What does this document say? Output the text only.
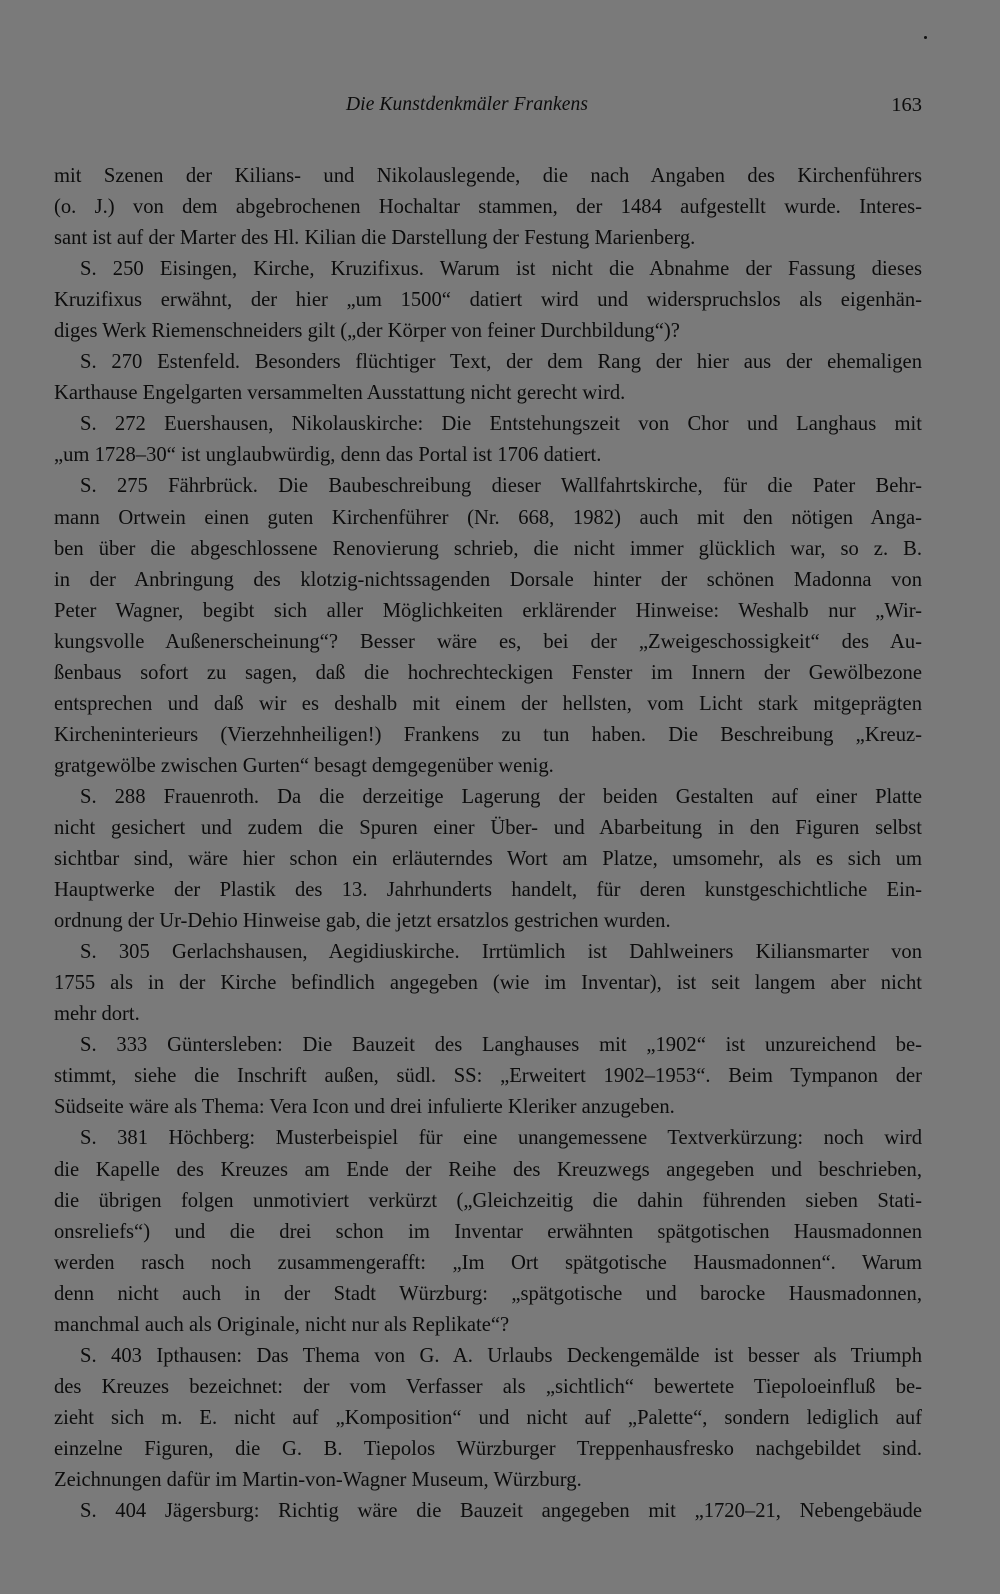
Die Kunstdenkmäler Frankens	163
mit Szenen der Kilians- und Nikolauslegende, die nach Angaben des Kirchenführers
(o. J.) von dem abgebrochenen Hochaltar stammen, der 1484 aufgestellt wurde. Interes-
sant ist auf der Marter des Hl. Kilian die Darstellung der Festung Marienberg.
S. 250 Eisingen, Kirche, Kruzifixus. Warum ist nicht die Abnahme der Fassung dieses
Kruzifixus erwähnt, der hier „um 1500“ datiert wird und widerspruchslos als eigenhän-
diges Werk Riemenschneiders gilt („der Körper von feiner Durchbildung“)?
S. 270 Estenfeld. Besonders flüchtiger Text, der dem Rang der hier aus der ehemaligen
Karthause Engelgarten versammelten Ausstattung nicht gerecht wird.
S. 272 Euershausen, Nikolauskirche: Die Entstehungszeit von Chor und Langhaus mit
„um 1728–30“ ist unglaubwürdig, denn das Portal ist 1706 datiert.
S. 275 Fährbrück. Die Baubeschreibung dieser Wallfahrtskirche, für die Pater Behr-
mann Ortwein einen guten Kirchenführer (Nr. 668, 1982) auch mit den nötigen Anga-
ben über die abgeschlossene Renovierung schrieb, die nicht immer glücklich war, so z. B.
in der Anbringung des klotzig-nichtssagenden Dorsale hinter der schönen Madonna von
Peter Wagner, begibt sich aller Möglichkeiten erklärender Hinweise: Weshalb nur „Wir-
kungsvolle Außenerscheinung“? Besser wäre es, bei der „Zweigeschossigkeit“ des Au-
ßenbaus sofort zu sagen, daß die hochrechteckigen Fenster im Innern der Gewölbezone
entsprechen und daß wir es deshalb mit einem der hellsten, vom Licht stark mitgeprägten
Kircheninterieurs (Vierzehnheiligen!) Frankens zu tun haben. Die Beschreibung „Kreuz-
gratgewölbe zwischen Gurten“ besagt demgegenüber wenig.
S. 288 Frauenroth. Da die derzeitige Lagerung der beiden Gestalten auf einer Platte
nicht gesichert und zudem die Spuren einer Über- und Abarbeitung in den Figuren selbst
sichtbar sind, wäre hier schon ein erläuterndes Wort am Platze, umsomehr, als es sich um
Hauptwerke der Plastik des 13. Jahrhunderts handelt, für deren kunstgeschichtliche Ein-
ordnung der Ur-Dehio Hinweise gab, die jetzt ersatzlos gestrichen wurden.
S. 305 Gerlachshausen, Aegidiuskirche. Irrtümlich ist Dahlweiners Kiliansmarter von
1755 als in der Kirche befindlich angegeben (wie im Inventar), ist seit langem aber nicht
mehr dort.
S. 333 Güntersleben: Die Bauzeit des Langhauses mit „1902“ ist unzureichend be-
stimmt, siehe die Inschrift außen, südl. SS: „Erweitert 1902–1953“. Beim Tympanon der
Südseite wäre als Thema: Vera Icon und drei infulierte Kleriker anzugeben.
S. 381 Höchberg: Musterbeispiel für eine unangemessene Textverkürzung: noch wird
die Kapelle des Kreuzes am Ende der Reihe des Kreuzwegs angegeben und beschrieben,
die übrigen folgen unmotiviert verkürzt („Gleichzeitig die dahin führenden sieben Stati-
onsreliefs“) und die drei schon im Inventar erwähnten spätgotischen Hausmadonnen
werden rasch noch zusammengerafft: „Im Ort spätgotische Hausmadonnen“. Warum
denn nicht auch in der Stadt Würzburg: „spätgotische und barocke Hausmadonnen,
manchmal auch als Originale, nicht nur als Replikate“?
S. 403 Ipthausen: Das Thema von G. A. Urlaubs Deckengemälde ist besser als Triumph
des Kreuzes bezeichnet: der vom Verfasser als „sichtlich“ bewertete Tiepoloeinfluß be-
zieht sich m. E. nicht auf „Komposition“ und nicht auf „Palette“, sondern lediglich auf
einzelne Figuren, die G. B. Tiepolos Würzburger Treppenhausfresko nachgebildet sind.
Zeichnungen dafür im Martin-von-Wagner Museum, Würzburg.
S. 404 Jägersburg: Richtig wäre die Bauzeit angegeben mit „1720–21, Nebengebäude
